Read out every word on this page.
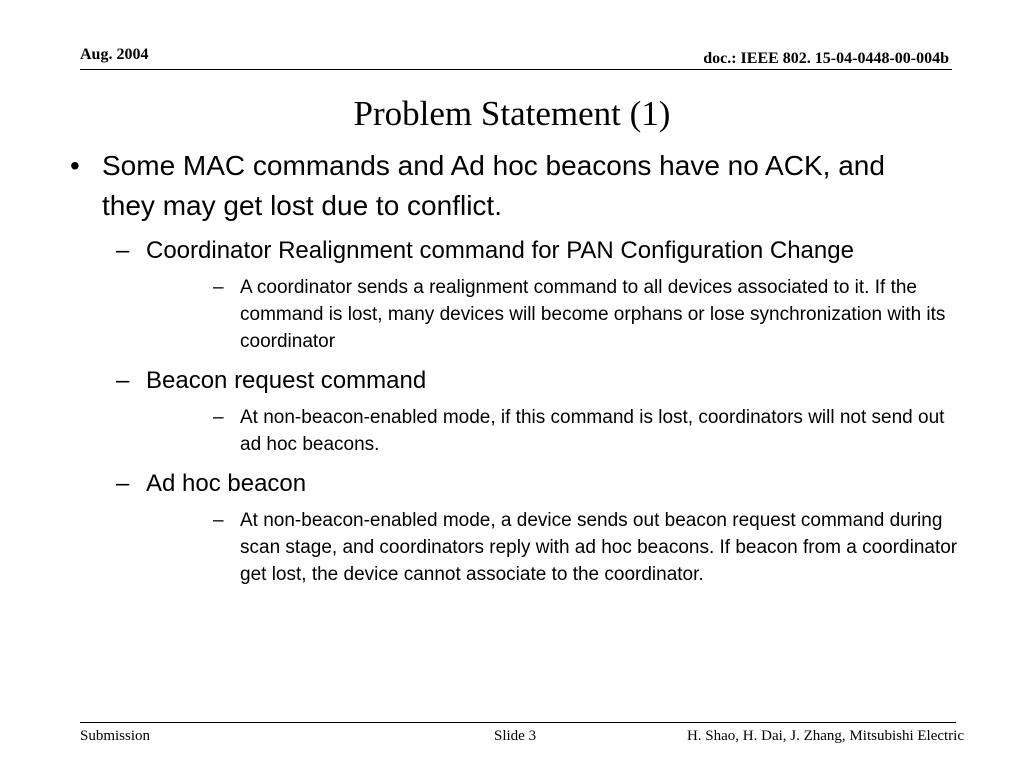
Aug. 2004	doc.: IEEE 802. 15-04-0448-00-004b
Problem Statement (1)
• Some MAC commands and Ad hoc beacons have no ACK, and they may get lost due to conflict.
– Coordinator Realignment command for PAN Configuration Change
– A coordinator sends a realignment command to all devices associated to it. If the command is lost, many devices will become orphans or lose synchronization with its coordinator
– Beacon request command
– At non-beacon-enabled mode, if this command is lost, coordinators will not send out ad hoc beacons.
– Ad hoc beacon
– At non-beacon-enabled mode, a device sends out beacon request command during scan stage, and coordinators reply with ad hoc beacons. If beacon from a coordinator get lost, the device cannot associate to the coordinator.
Submission	Slide 3	H. Shao, H. Dai, J. Zhang, Mitsubishi Electric
